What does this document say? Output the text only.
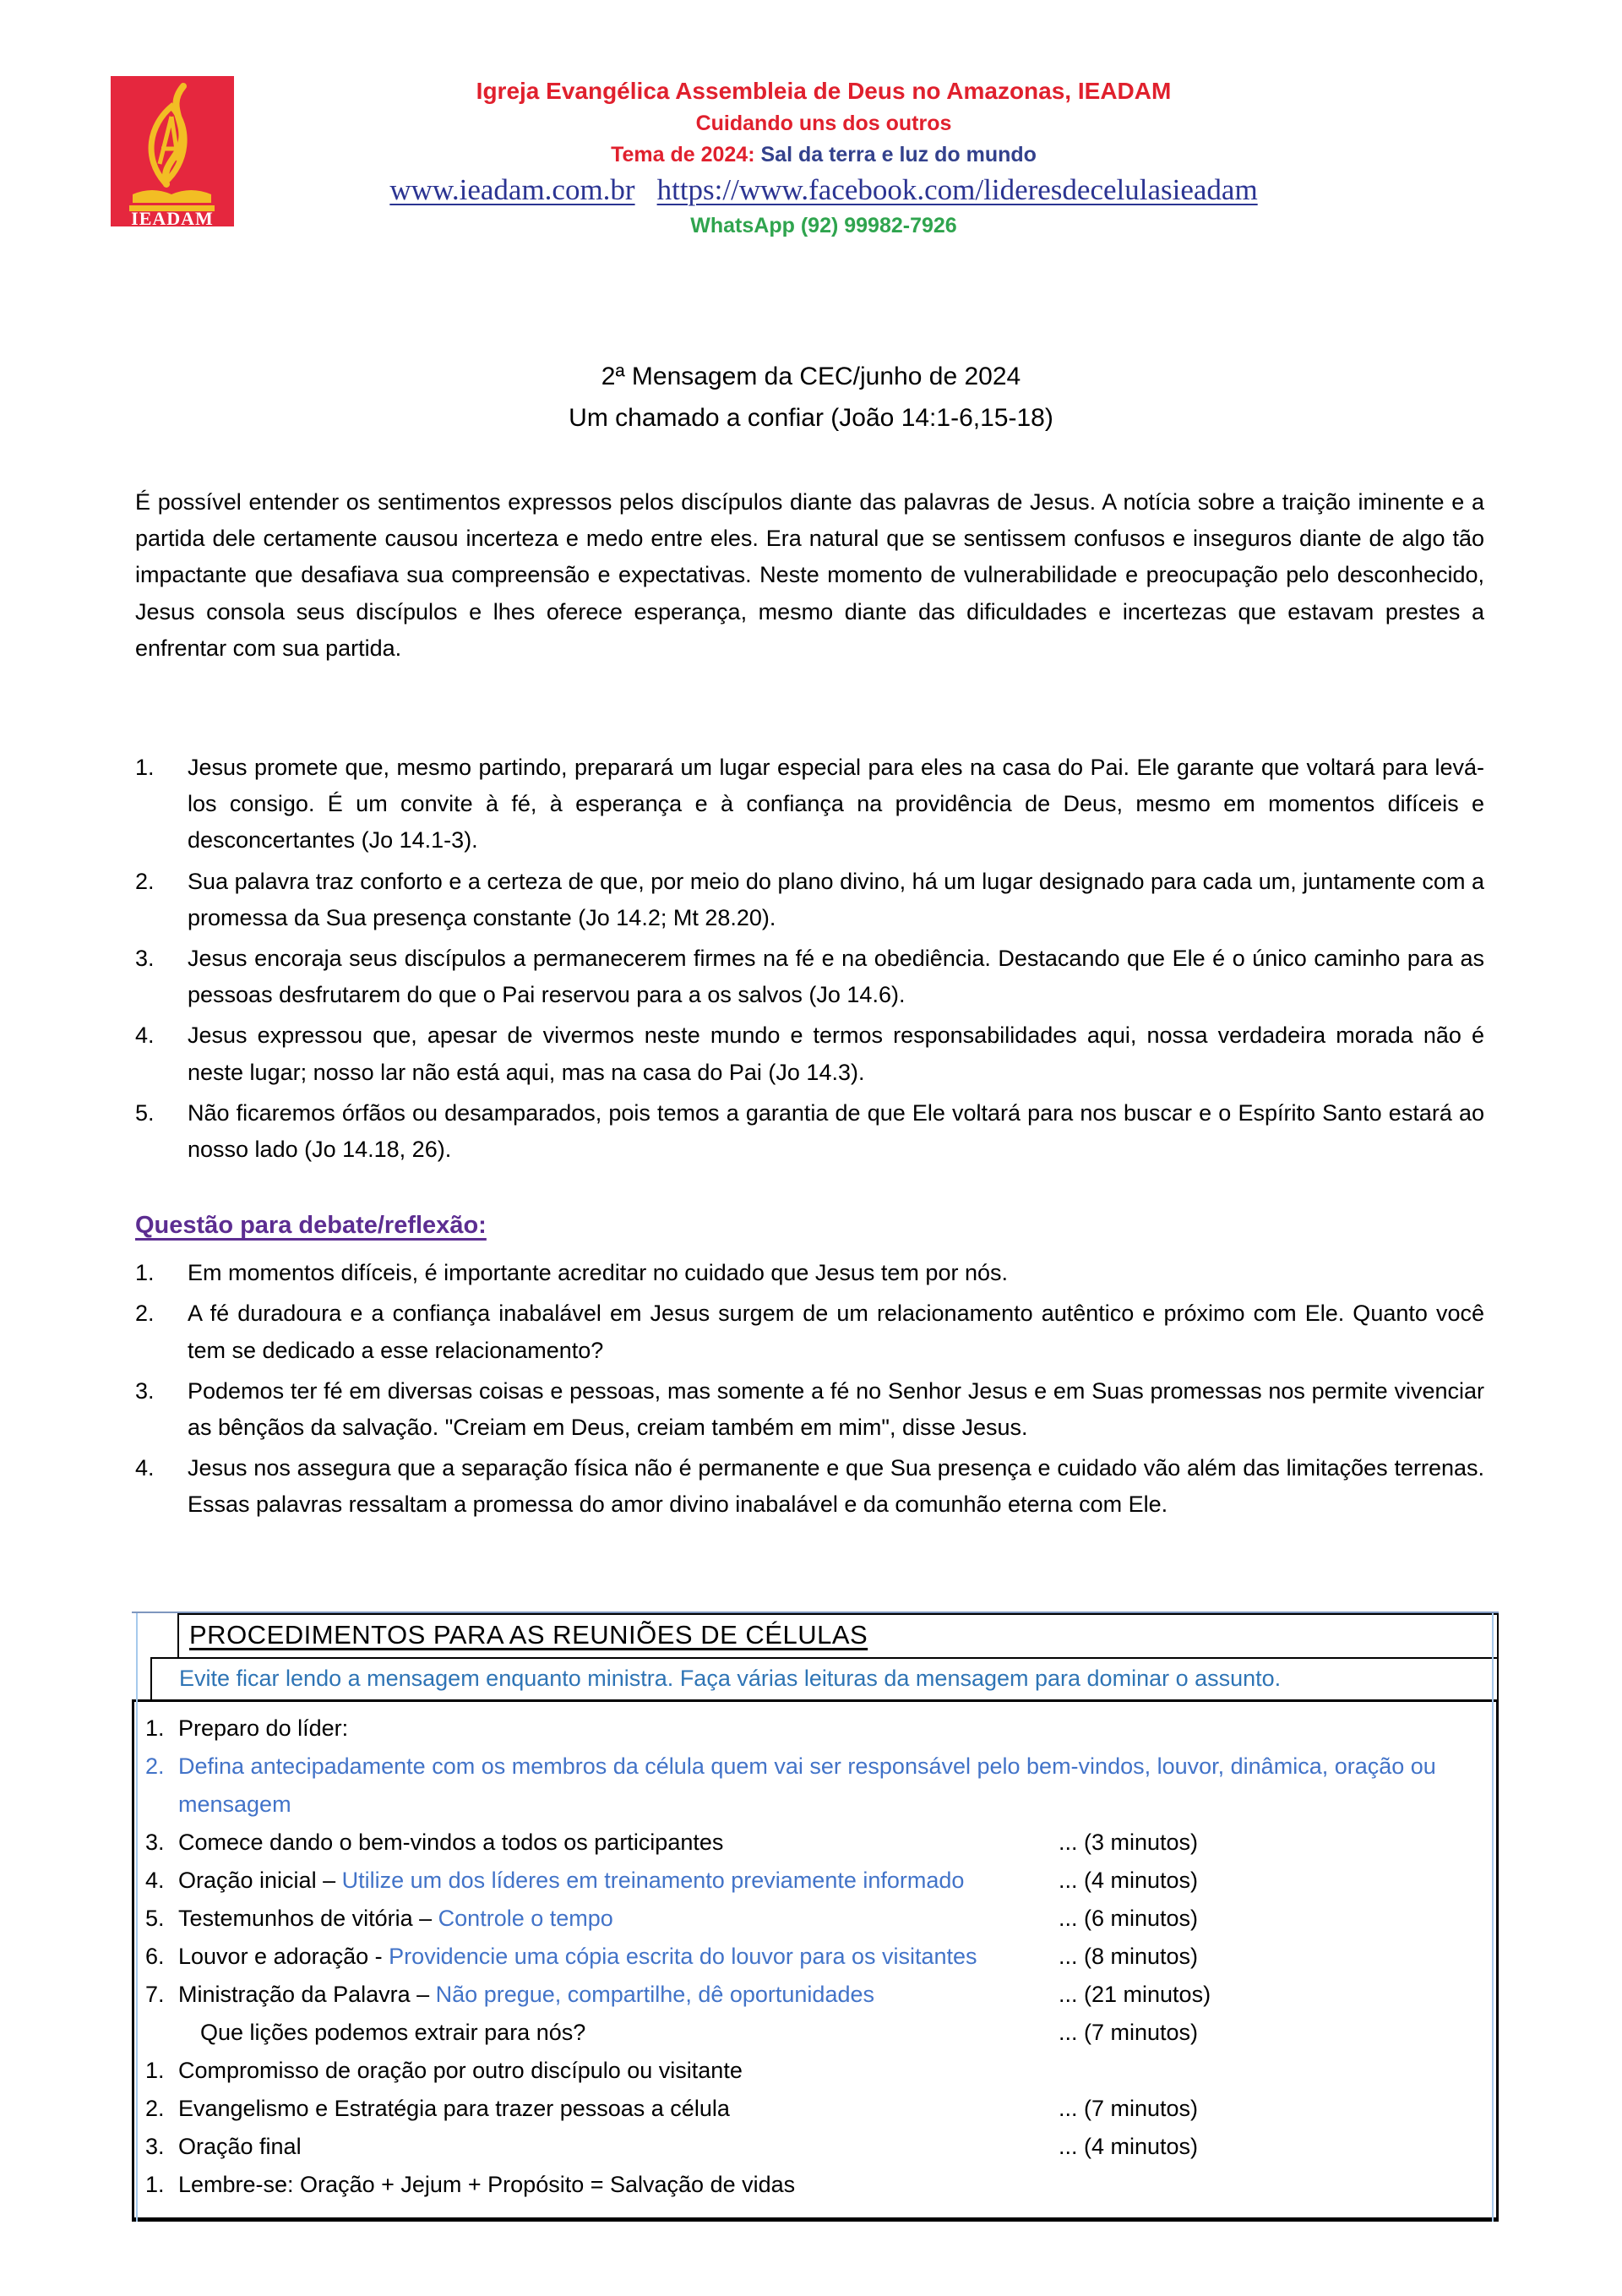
IEADAM
Igreja Evangélica Assembleia de Deus no Amazonas, IEADAM
Cuidando uns dos outros
Tema de 2024: Sal da terra e luz do mundo
www.ieadam.com.br https://www.facebook.com/lideresdecelulasieadam
WhatsApp (92) 99982-7926
2ª Mensagem da CEC/junho de 2024
Um chamado a confiar (João 14:1-6,15-18)

É possível entender os sentimentos expressos pelos discípulos diante das palavras de Jesus. A notícia sobre a traição iminente e a partida dele certamente causou incerteza e medo entre eles. Era natural que se sentissem confusos e inseguros diante de algo tão impactante que desafiava sua compreensão e expectativas. Neste momento de vulnerabilidade e preocupação pelo desconhecido, Jesus consola seus discípulos e lhes oferece esperança, mesmo diante das dificuldades e incertezas que estavam prestes a enfrentar com sua partida.

1. Jesus promete que, mesmo partindo, preparará um lugar especial para eles na casa do Pai. Ele garante que voltará para levá-los consigo. É um convite à fé, à esperança e à confiança na providência de Deus, mesmo em momentos difíceis e desconcertantes (Jo 14.1-3).
2. Sua palavra traz conforto e a certeza de que, por meio do plano divino, há um lugar designado para cada um, juntamente com a promessa da Sua presença constante (Jo 14.2; Mt 28.20).
3. Jesus encoraja seus discípulos a permanecerem firmes na fé e na obediência. Destacando que Ele é o único caminho para as pessoas desfrutarem do que o Pai reservou para a os salvos (Jo 14.6).
4. Jesus expressou que, apesar de vivermos neste mundo e termos responsabilidades aqui, nossa verdadeira morada não é neste lugar; nosso lar não está aqui, mas na casa do Pai (Jo 14.3).
5. Não ficaremos órfãos ou desamparados, pois temos a garantia de que Ele voltará para nos buscar e o Espírito Santo estará ao nosso lado (Jo 14.18, 26).
Questão para debate/reflexão:
1. Em momentos difíceis, é importante acreditar no cuidado que Jesus tem por nós.
2. A fé duradoura e a confiança inabalável em Jesus surgem de um relacionamento autêntico e próximo com Ele. Quanto você tem se dedicado a esse relacionamento?
3. Podemos ter fé em diversas coisas e pessoas, mas somente a fé no Senhor Jesus e em Suas promessas nos permite vivenciar as bênçãos da salvação. "Creiam em Deus, creiam também em mim", disse Jesus.
4. Jesus nos assegura que a separação física não é permanente e que Sua presença e cuidado vão além das limitações terrenas. Essas palavras ressaltam a promessa do amor divino inabalável e da comunhão eterna com Ele.
PROCEDIMENTOS PARA AS REUNIÕES DE CÉLULAS
Evite ficar lendo a mensagem enquanto ministra. Faça várias leituras da mensagem para dominar o assunto.
1. Preparo do líder:
2. Defina antecipadamente com os membros da célula quem vai ser responsável pelo bem-vindos, louvor, dinâmica, oração ou mensagem
3. Comece dando o bem-vindos a todos os participantes	... (3 minutos)
4. Oração inicial – Utilize um dos líderes em treinamento previamente informado	... (4 minutos)
5. Testemunhos de vitória – Controle o tempo	... (6 minutos)
6. Louvor e adoração - Providencie uma cópia escrita do louvor para os visitantes	... (8 minutos)
7. Ministração da Palavra – Não pregue, compartilhe, dê oportunidades	... (21 minutos)
Que lições podemos extrair para nós?	... (7 minutos)
1. Compromisso de oração por outro discípulo ou visitante
2. Evangelismo e Estratégia para trazer pessoas a célula	... (7 minutos)
3. Oração final	... (4 minutos)
1. Lembre-se: Oração + Jejum + Propósito = Salvação de vidas
